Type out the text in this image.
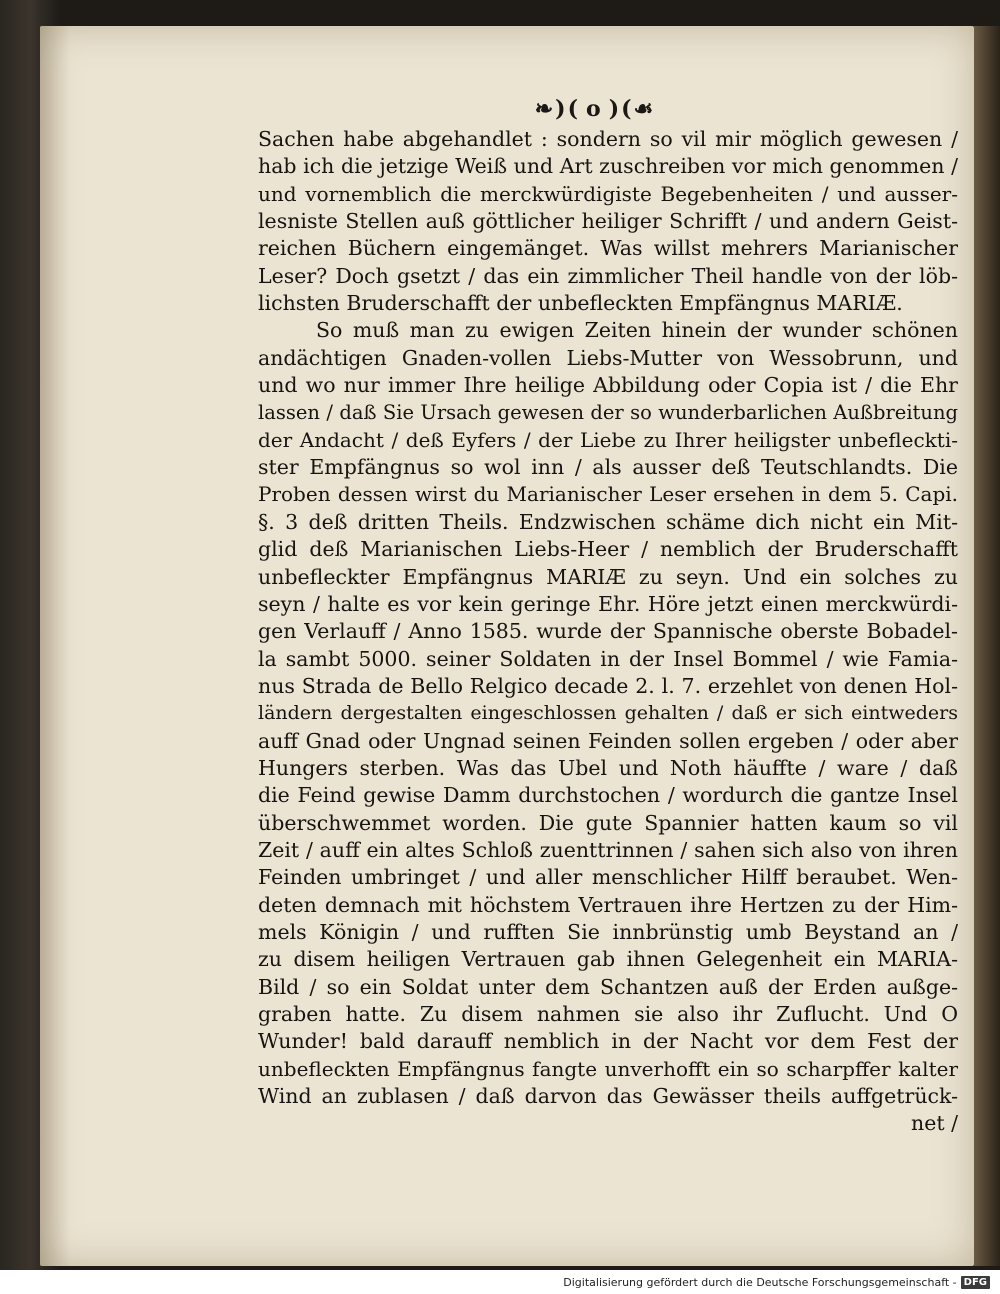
❧)( o )(☙
Sachen habe abgehandlet : sondern so vil mir möglich gewesen /
hab ich die jetzige Weiß und Art zuschreiben vor mich genommen /
und vornemblich die merckwürdigiste Begebenheiten / und ausser-
lesniste Stellen auß göttlicher heiliger Schrifft / und andern Geist-
reichen Büchern eingemänget. Was willst mehrers Marianischer
Leser? Doch gsetzt / das ein zimmlicher Theil handle von der löb-
lichsten Bruderschafft der unbefleckten Empfängnus MARIÆ.
So muß man zu ewigen Zeiten hinein der wunder schönen
andächtigen Gnaden-vollen Liebs-Mutter von Wessobrunn, und
und wo nur immer Ihre heilige Abbildung oder Copia ist / die Ehr
lassen / daß Sie Ursach gewesen der so wunderbarlichen Außbreitung
der Andacht / deß Eyfers / der Liebe zu Ihrer heiligster unbefleckti-
ster Empfängnus so wol inn / als ausser deß Teutschlandts. Die
Proben dessen wirst du Marianischer Leser ersehen in dem 5. Capi.
§. 3 deß dritten Theils. Endzwischen schäme dich nicht ein Mit-
glid deß Marianischen Liebs-Heer / nemblich der Bruderschafft
unbefleckter Empfängnus MARIÆ zu seyn. Und ein solches zu
seyn / halte es vor kein geringe Ehr. Höre jetzt einen merckwürdi-
gen Verlauff / Anno 1585. wurde der Spannische oberste Bobadel-
la sambt 5000. seiner Soldaten in der Insel Bommel / wie Famia-
nus Strada de Bello Relgico decade 2. l. 7. erzehlet von denen Hol-
ländern dergestalten eingeschlossen gehalten / daß er sich eintweders
auff Gnad oder Ungnad seinen Feinden sollen ergeben / oder aber
Hungers sterben. Was das Ubel und Noth häuffte / ware / daß
die Feind gewise Damm durchstochen / wordurch die gantze Insel
überschwemmet worden. Die gute Spannier hatten kaum so vil
Zeit / auff ein altes Schloß zuenttrinnen / sahen sich also von ihren
Feinden umbringet / und aller menschlicher Hilff beraubet. Wen-
deten demnach mit höchstem Vertrauen ihre Hertzen zu der Him-
mels Königin / und rufften Sie innbrünstig umb Beystand an /
zu disem heiligen Vertrauen gab ihnen Gelegenheit ein MARIA-
Bild / so ein Soldat unter dem Schantzen auß der Erden außge-
graben hatte. Zu disem nahmen sie also ihr Zuflucht. Und O
Wunder! bald darauff nemblich in der Nacht vor dem Fest der
unbefleckten Empfängnus fangte unverhofft ein so scharpffer kalter
Wind an zublasen / daß darvon das Gewässer theils auffgetrück-
net /
Digitalisierung gefördert durch die Deutsche Forschungsgemeinschaft - DFG
